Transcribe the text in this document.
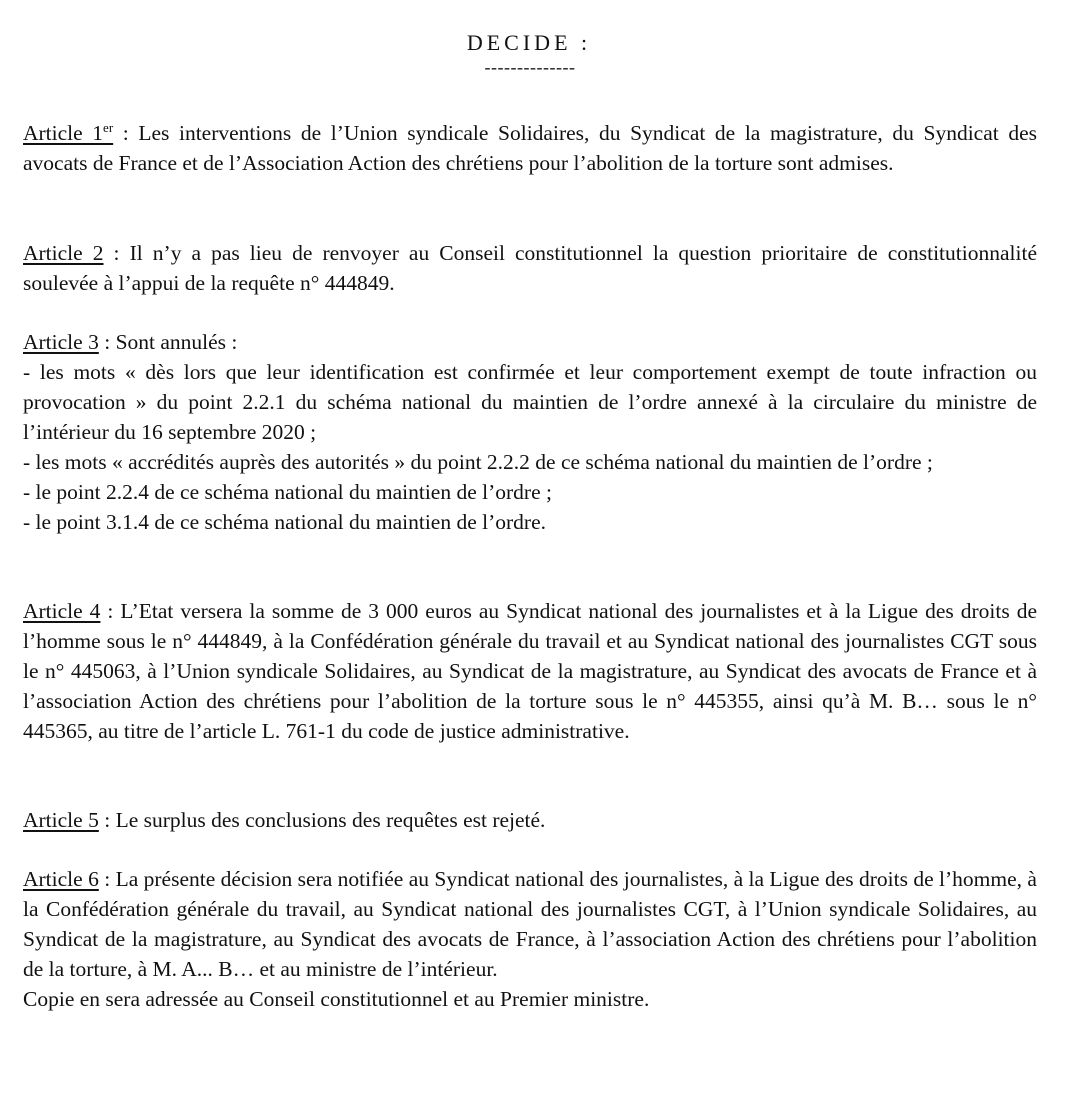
DECIDE :
--------------

Article 1er : Les interventions de l’Union syndicale Solidaires, du Syndicat de la magistrature, du Syndicat des avocats de France et de l’Association Action des chrétiens pour l’abolition de la torture sont admises.

Article 2 : Il n’y a pas lieu de renvoyer au Conseil constitutionnel la question prioritaire de constitutionnalité soulevée à l’appui de la requête n° 444849.

Article 3 : Sont annulés :

- les mots « dès lors que leur identification est confirmée et leur comportement exempt de toute infraction ou provocation » du point 2.2.1 du schéma national du maintien de l’ordre annexé à la circulaire du ministre de l’intérieur du 16 septembre 2020 ;

- les mots « accrédités auprès des autorités » du point 2.2.2 de ce schéma national du maintien de l’ordre ;

- le point 2.2.4 de ce schéma national du maintien de l’ordre ;

- le point 3.1.4 de ce schéma national du maintien de l’ordre.

Article 4 : L’Etat versera la somme de 3 000 euros au Syndicat national des journalistes et à la Ligue des droits de l’homme sous le n° 444849, à la Confédération générale du travail et au Syndicat national des journalistes CGT sous le n° 445063, à l’Union syndicale Solidaires, au Syndicat de la magistrature, au Syndicat des avocats de France et à l’association Action des chrétiens pour l’abolition de la torture sous le n° 445355, ainsi qu’à M. B… sous le n° 445365, au titre de l’article L. 761-1 du code de justice administrative.

Article 5 : Le surplus des conclusions des requêtes est rejeté.

Article 6 : La présente décision sera notifiée au Syndicat national des journalistes, à la Ligue des droits de l’homme, à la Confédération générale du travail, au Syndicat national des journalistes CGT, à l’Union syndicale Solidaires, au Syndicat de la magistrature, au Syndicat des avocats de France, à l’association Action des chrétiens pour l’abolition de la torture, à M. A... B… et au ministre de l’intérieur.

Copie en sera adressée au Conseil constitutionnel et au Premier ministre.
